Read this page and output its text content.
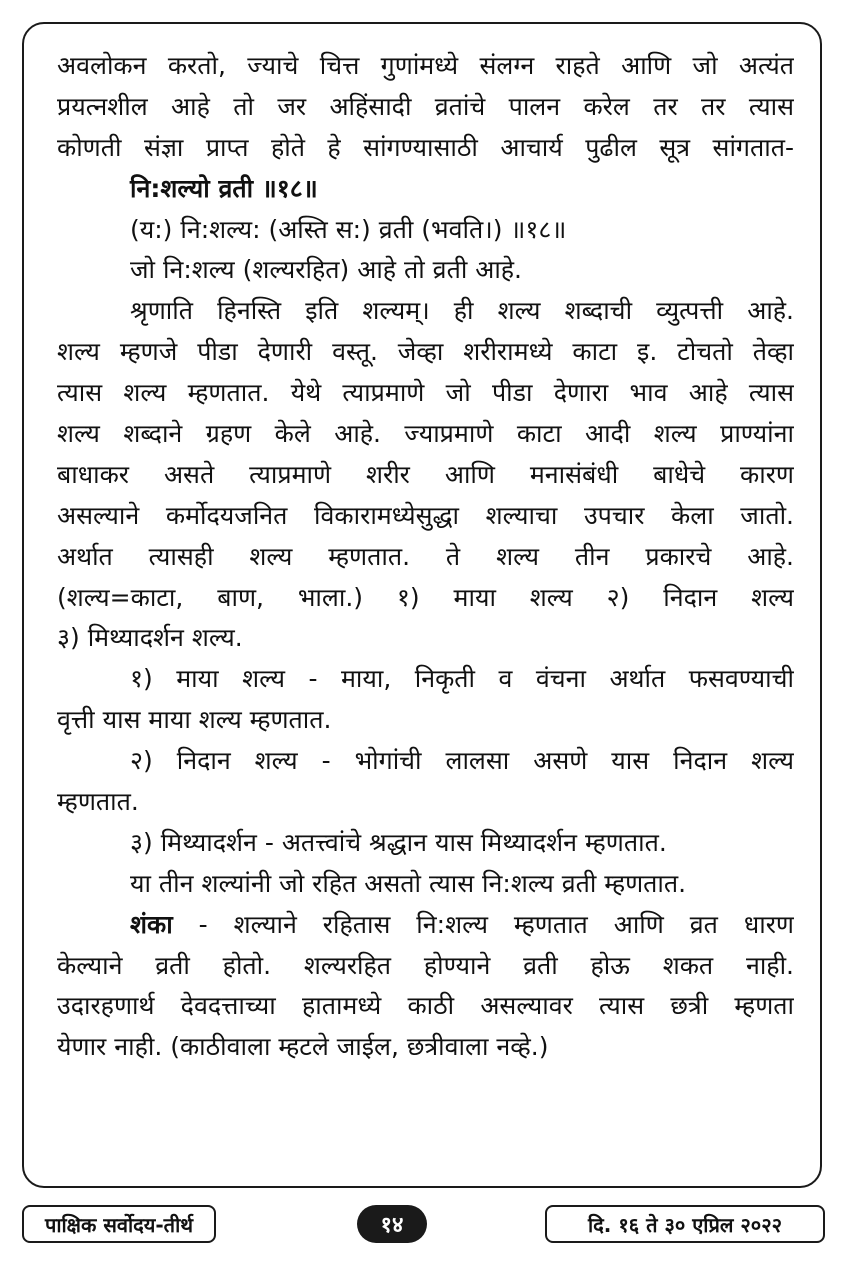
अवलोकन करतो, ज्याचे चित्त गुणांमध्ये संलग्न राहते आणि जो अत्यंत
प्रयत्नशील आहे तो जर अहिंसादी व्रतांचे पालन करेल तर तर त्यास
कोणती संज्ञा प्राप्त होते हे सांगण्यासाठी आचार्य पुढील सूत्र सांगतात-
नि:शल्यो व्रती ॥१८॥
(य:) नि:शल्य: (अस्ति स:) व्रती (भवति।) ॥१८॥
जो नि:शल्य (शल्यरहित) आहे तो व्रती आहे.
श्रृणाति हिनस्ति इति शल्यम्। ही शल्य शब्दाची व्युत्पत्ती आहे.
शल्य म्हणजे पीडा देणारी वस्तू. जेव्हा शरीरामध्ये काटा इ. टोचतो तेव्हा
त्यास शल्य म्हणतात. येथे त्याप्रमाणे जो पीडा देणारा भाव आहे त्यास
शल्य शब्दाने ग्रहण केले आहे. ज्याप्रमाणे काटा आदी शल्य प्राण्यांना
बाधाकर असते त्याप्रमाणे शरीर आणि मनासंबंधी बाधेचे कारण
असल्याने कर्मोदयजनित विकारामध्येसुद्धा शल्याचा उपचार केला जातो.
अर्थात त्यासही शल्य म्हणतात. ते शल्य तीन प्रकारचे आहे.
(शल्य=काटा, बाण, भाला.) १) माया शल्य २) निदान शल्य
३) मिथ्यादर्शन शल्य.
१) माया शल्य - माया, निकृती व वंचना अर्थात फसवण्याची
वृत्ती यास माया शल्य म्हणतात.
२) निदान शल्य - भोगांची लालसा असणे यास निदान शल्य
म्हणतात.
३) मिथ्यादर्शन - अतत्त्वांचे श्रद्धान यास मिथ्यादर्शन म्हणतात.
या तीन शल्यांनी जो रहित असतो त्यास नि:शल्य व्रती म्हणतात.
शंका - शल्याने रहितास नि:शल्य म्हणतात आणि व्रत धारण
केल्याने व्रती होतो. शल्यरहित होण्याने व्रती होऊ शकत नाही.
उदारहणार्थ देवदत्ताच्या हातामध्ये काठी असल्यावर त्यास छत्री म्हणता
येणार नाही. (काठीवाला म्हटले जाईल, छत्रीवाला नव्हे.)
पाक्षिक सर्वोदय-तीर्थ	१४	दि. १६ ते ३० एप्रिल २०२२
